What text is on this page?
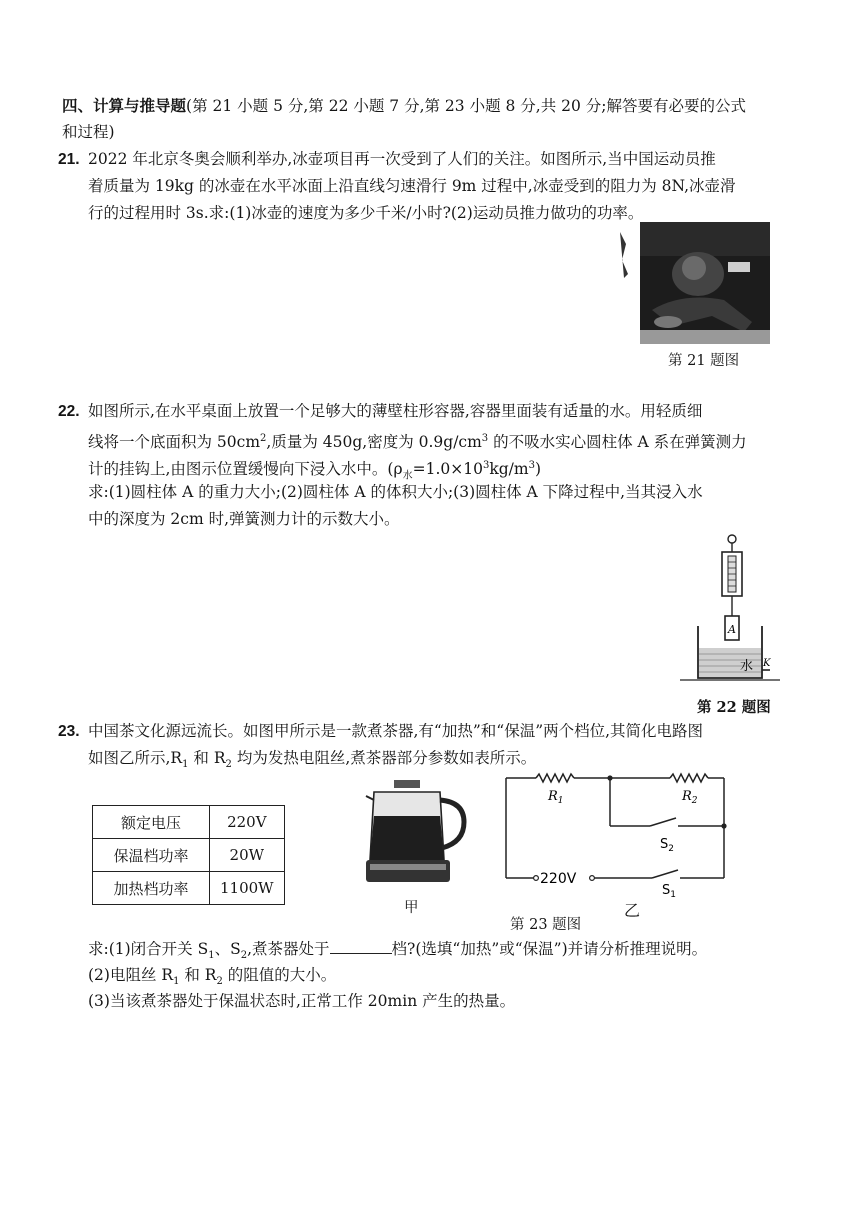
四、计算与推导题(第 21 小题 5 分,第 22 小题 7 分,第 23 小题 8 分,共 20 分;解答要有必要的公式
和过程)
21. 2022 年北京冬奥会顺利举办,冰壶项目再一次受到了人们的关注。如图所示,当中国运动员推
着质量为 19kg 的冰壶在水平冰面上沿直线匀速滑行 9m 过程中,冰壶受到的阻力为 8N,冰壶滑
行的过程用时 3s.求:(1)冰壶的速度为多少千米/小时?(2)运动员推力做功的功率。
第 21 题图
22. 如图所示,在水平桌面上放置一个足够大的薄壁柱形容器,容器里面装有适量的水。用轻质细
线将一个底面积为 $50cm^2$,质量为 450g,密度为 $0.9g/cm^3$ 的不吸水实心圆柱体 A 系在弹簧测力
计的挂钩上,由图示位置缓慢向下浸入水中。$(\rho_水=1.0\times 10^3kg/m^3)$
求:(1)圆柱体 A 的重力大小;(2)圆柱体 A 的体积大小;(3)圆柱体 A 下降过程中,当其浸入水
中的深度为 2cm 时,弹簧测力计的示数大小。
A
水 K
第 22 题图
23. 中国茶文化源远流长。如图甲所示是一款煮茶器,有“加热”和“保温”两个档位,其简化电路图
如图乙所示$,R_1$ 和 $R_2$ 均为发热电阻丝,煮茶器部分参数如表所示。
额定电压	220V
保温档功率	20W
加热档功率	1100W
甲
220V
$R_1$	$R_2$
$S_2$
$S_1$
乙
第 23 题图
求:(1)闭合开关 $S_1$、$S_2$,煮茶器处于	档?(选填“加热”或“保温”)并请分析推理说明。
(2)电阻丝 $R_1$ 和 $R_2$ 的阻值的大小。
(3)当该煮茶器处于保温状态时,正常工作 20min 产生的热量。
